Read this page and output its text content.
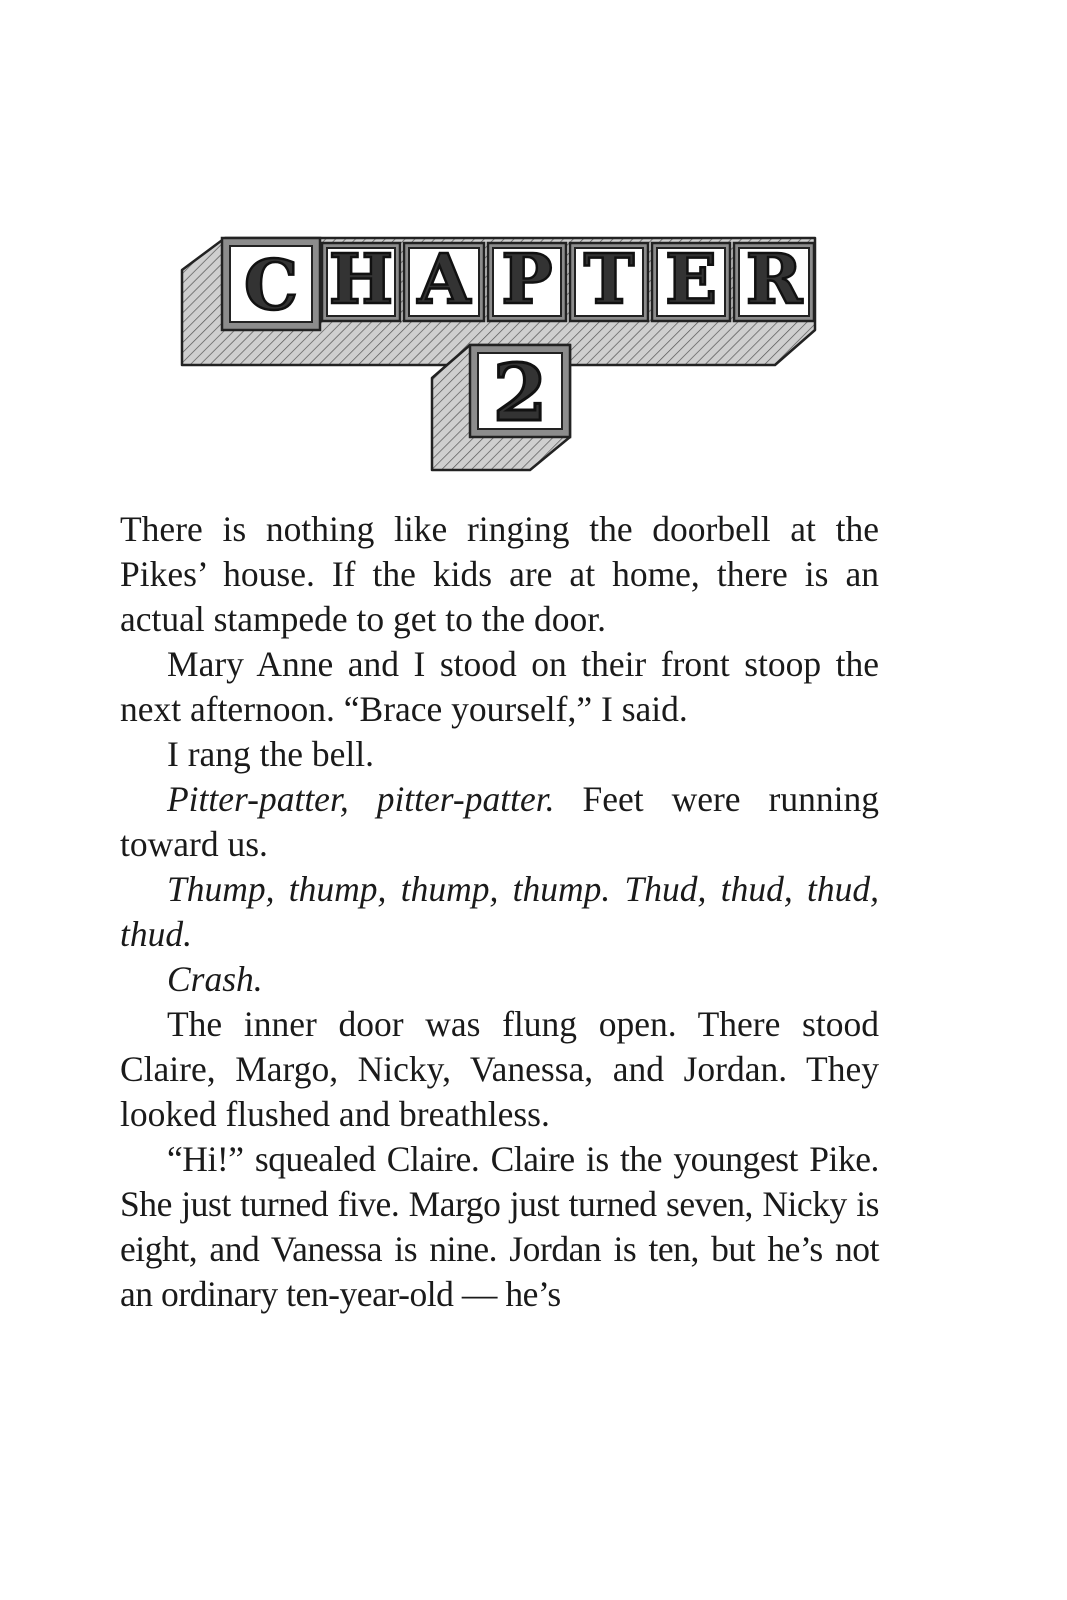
C H A P T E R
2

There is nothing like ringing the doorbell at the Pikes’ house. If the kids are at home, there is an actual stampede to get to the door.

Mary Anne and I stood on their front stoop the next afternoon. “Brace yourself,” I said.

I rang the bell.

Pitter-patter, pitter-patter. Feet were running toward us.

Thump, thump, thump, thump. Thud, thud, thud, thud.

Crash.

The inner door was flung open. There stood Claire, Margo, Nicky, Vanessa, and Jordan. They looked flushed and breathless.

“Hi!” squealed Claire. Claire is the youngest Pike. She just turned five. Margo just turned seven, Nicky is eight, and Vanessa is nine. Jordan is ten, but he’s not an ordinary ten-year-old — he’s
